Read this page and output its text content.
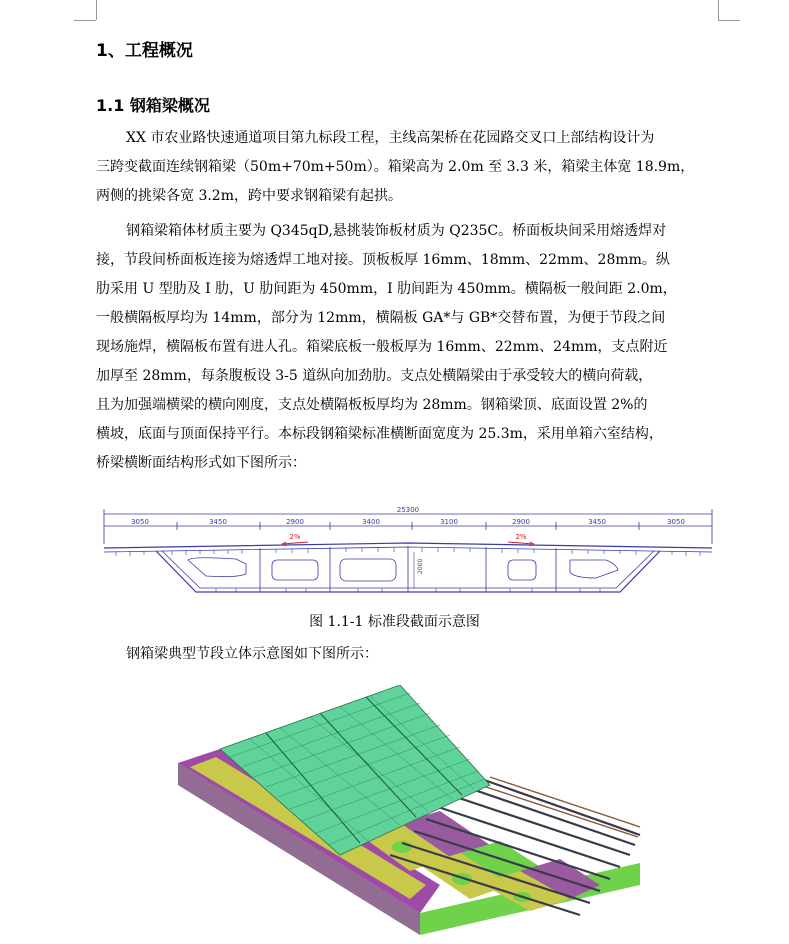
1、工程概况
1.1 钢箱梁概况
XX 市农业路快速通道项目第九标段工程，主线高架桥在花园路交叉口上部结构设计为
三跨变截面连续钢箱梁（50m+70m+50m）。箱梁高为 2.0m 至 3.3 米，箱梁主体宽 18.9m，
两侧的挑梁各宽 3.2m，跨中要求钢箱梁有起拱。
钢箱梁箱体材质主要为 Q345qD,悬挑装饰板材质为 Q235C。桥面板块间采用熔透焊对
接，节段间桥面板连接为熔透焊工地对接。顶板板厚 16mm、18mm、22mm、28mm。纵
肋采用 U 型肋及 I 肋，U 肋间距为 450mm，I 肋间距为 450mm。横隔板一般间距 2.0m，
一般横隔板厚均为 14mm，部分为 12mm，横隔板 GA*与 GB*交替布置，为便于节段之间
现场施焊，横隔板布置有进人孔。箱梁底板一般板厚为 16mm、22mm、24mm，支点附近
加厚至 28mm，每条腹板设 3-5 道纵向加劲肋。支点处横隔梁由于承受较大的横向荷载，
且为加强端横梁的横向刚度，支点处横隔板板厚均为 28mm。钢箱梁顶、底面设置 2%的
横坡，底面与顶面保持平行。本标段钢箱梁标准横断面宽度为 25.3m，采用单箱六室结构，
桥梁横断面结构形式如下图所示：
25300
3050	3450	2900	3400	3100	2900	3450	3050
2%	2%
2000

图 1.1-1 标准段截面示意图

钢箱梁典型节段立体示意图如下图所示：
